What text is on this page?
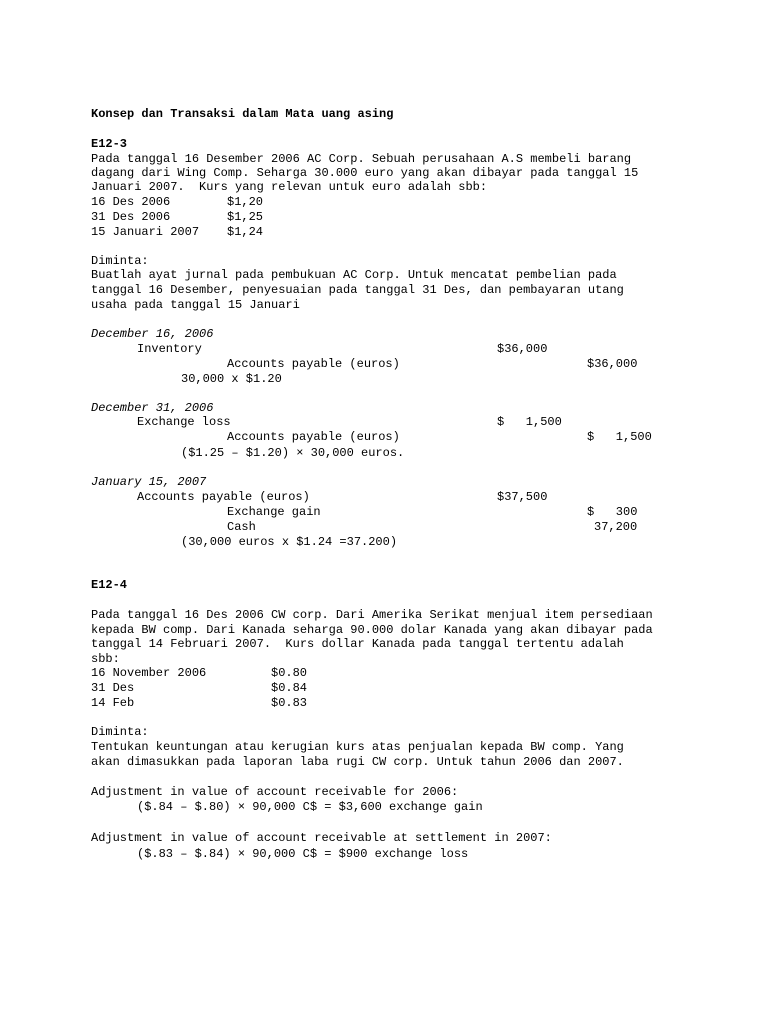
Konsep dan Transaksi dalam Mata uang asing
E12-3
Pada tanggal 16 Desember 2006 AC Corp. Sebuah perusahaan A.S membeli barang
dagang dari Wing Comp. Seharga 30.000 euro yang akan dibayar pada tanggal 15
Januari 2007.  Kurs yang relevan untuk euro adalah sbb:
16 Des 2006	$1,20
31 Des 2006	$1,25
15 Januari 2007 $1,24
Diminta:
Buatlah ayat jurnal pada pembukuan AC Corp. Untuk mencatat pembelian pada
tanggal 16 Desember, penyesuaian pada tanggal 31 Des, dan pembayaran utang
usaha pada tanggal 15 Januari
December 16, 2006
Inventory	$36,000
Accounts payable (euros)	$36,000
30,000 x $1.20
December 31, 2006
Exchange loss	$   1,500
Accounts payable (euros)	$   1,500
($1.25 – $1.20) × 30,000 euros.
January 15, 2007
Accounts payable (euros)	$37,500
Exchange gain	$   300
Cash	37,200
(30,000 euros x $1.24 =37.200)
E12-4
Pada tanggal 16 Des 2006 CW corp. Dari Amerika Serikat menjual item persediaan
kepada BW comp. Dari Kanada seharga 90.000 dolar Kanada yang akan dibayar pada
tanggal 14 Februari 2007.  Kurs dollar Kanada pada tanggal tertentu adalah
sbb:
16 November 2006	$0.80
31 Des	$0.84
14 Feb	$0.83
Diminta:
Tentukan keuntungan atau kerugian kurs atas penjualan kepada BW comp. Yang
akan dimasukkan pada laporan laba rugi CW corp. Untuk tahun 2006 dan 2007.
Adjustment in value of account receivable for 2006:
($.84 – $.80) × 90,000 C$ = $3,600 exchange gain
Adjustment in value of account receivable at settlement in 2007:
($.83 – $.84) × 90,000 C$ = $900 exchange loss
